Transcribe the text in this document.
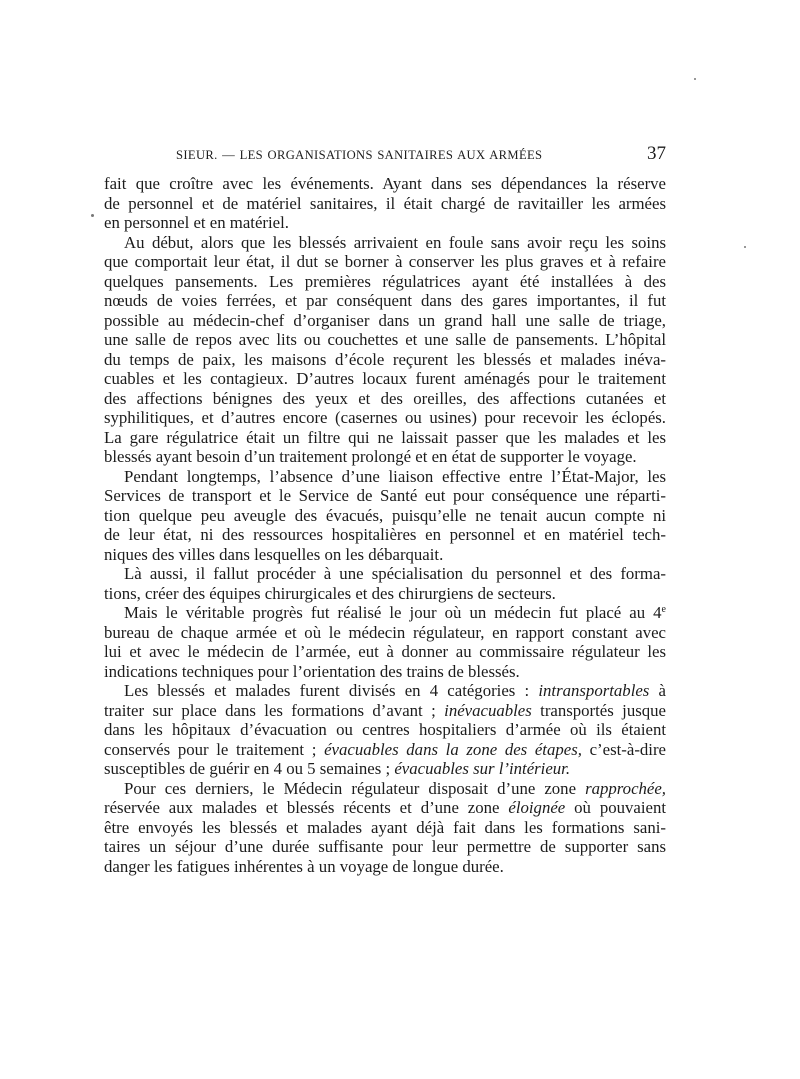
SIEUR. — LES ORGANISATIONS SANITAIRES AUX ARMÉES	37
fait que croître avec les événements. Ayant dans ses dépendances la réserve
de personnel et de matériel sanitaires, il était chargé de ravitailler les armées
en personnel et en matériel.
Au début, alors que les blessés arrivaient en foule sans avoir reçu les soins
que comportait leur état, il dut se borner à conserver les plus graves et à refaire
quelques pansements. Les premières régulatrices ayant été installées à des
nœuds de voies ferrées, et par conséquent dans des gares importantes, il fut
possible au médecin-chef d’organiser dans un grand hall une salle de triage,
une salle de repos avec lits ou couchettes et une salle de pansements. L’hôpital
du temps de paix, les maisons d’école reçurent les blessés et malades inéva-
cuables et les contagieux. D’autres locaux furent aménagés pour le traitement
des affections bénignes des yeux et des oreilles, des affections cutanées et
syphilitiques, et d’autres encore (casernes ou usines) pour recevoir les éclopés.
La gare régulatrice était un filtre qui ne laissait passer que les malades et les
blessés ayant besoin d’un traitement prolongé et en état de supporter le voyage.
Pendant longtemps, l’absence d’une liaison effective entre l’État-Major, les
Services de transport et le Service de Santé eut pour conséquence une réparti-
tion quelque peu aveugle des évacués, puisqu’elle ne tenait aucun compte ni
de leur état, ni des ressources hospitalières en personnel et en matériel tech-
niques des villes dans lesquelles on les débarquait.
Là aussi, il fallut procéder à une spécialisation du personnel et des forma-
tions, créer des équipes chirurgicales et des chirurgiens de secteurs.
Mais le véritable progrès fut réalisé le jour où un médecin fut placé au 4e
bureau de chaque armée et où le médecin régulateur, en rapport constant avec
lui et avec le médecin de l’armée, eut à donner au commissaire régulateur les
indications techniques pour l’orientation des trains de blessés.
Les blessés et malades furent divisés en 4 catégories : intransportables à
traiter sur place dans les formations d’avant ; inévacuables transportés jusque
dans les hôpitaux d’évacuation ou centres hospitaliers d’armée où ils étaient
conservés pour le traitement ; évacuables dans la zone des étapes, c’est-à-dire
susceptibles de guérir en 4 ou 5 semaines ; évacuables sur l’intérieur.
Pour ces derniers, le Médecin régulateur disposait d’une zone rapprochée,
réservée aux malades et blessés récents et d’une zone éloignée où pouvaient
être envoyés les blessés et malades ayant déjà fait dans les formations sani-
taires un séjour d’une durée suffisante pour leur permettre de supporter sans
danger les fatigues inhérentes à un voyage de longue durée.
